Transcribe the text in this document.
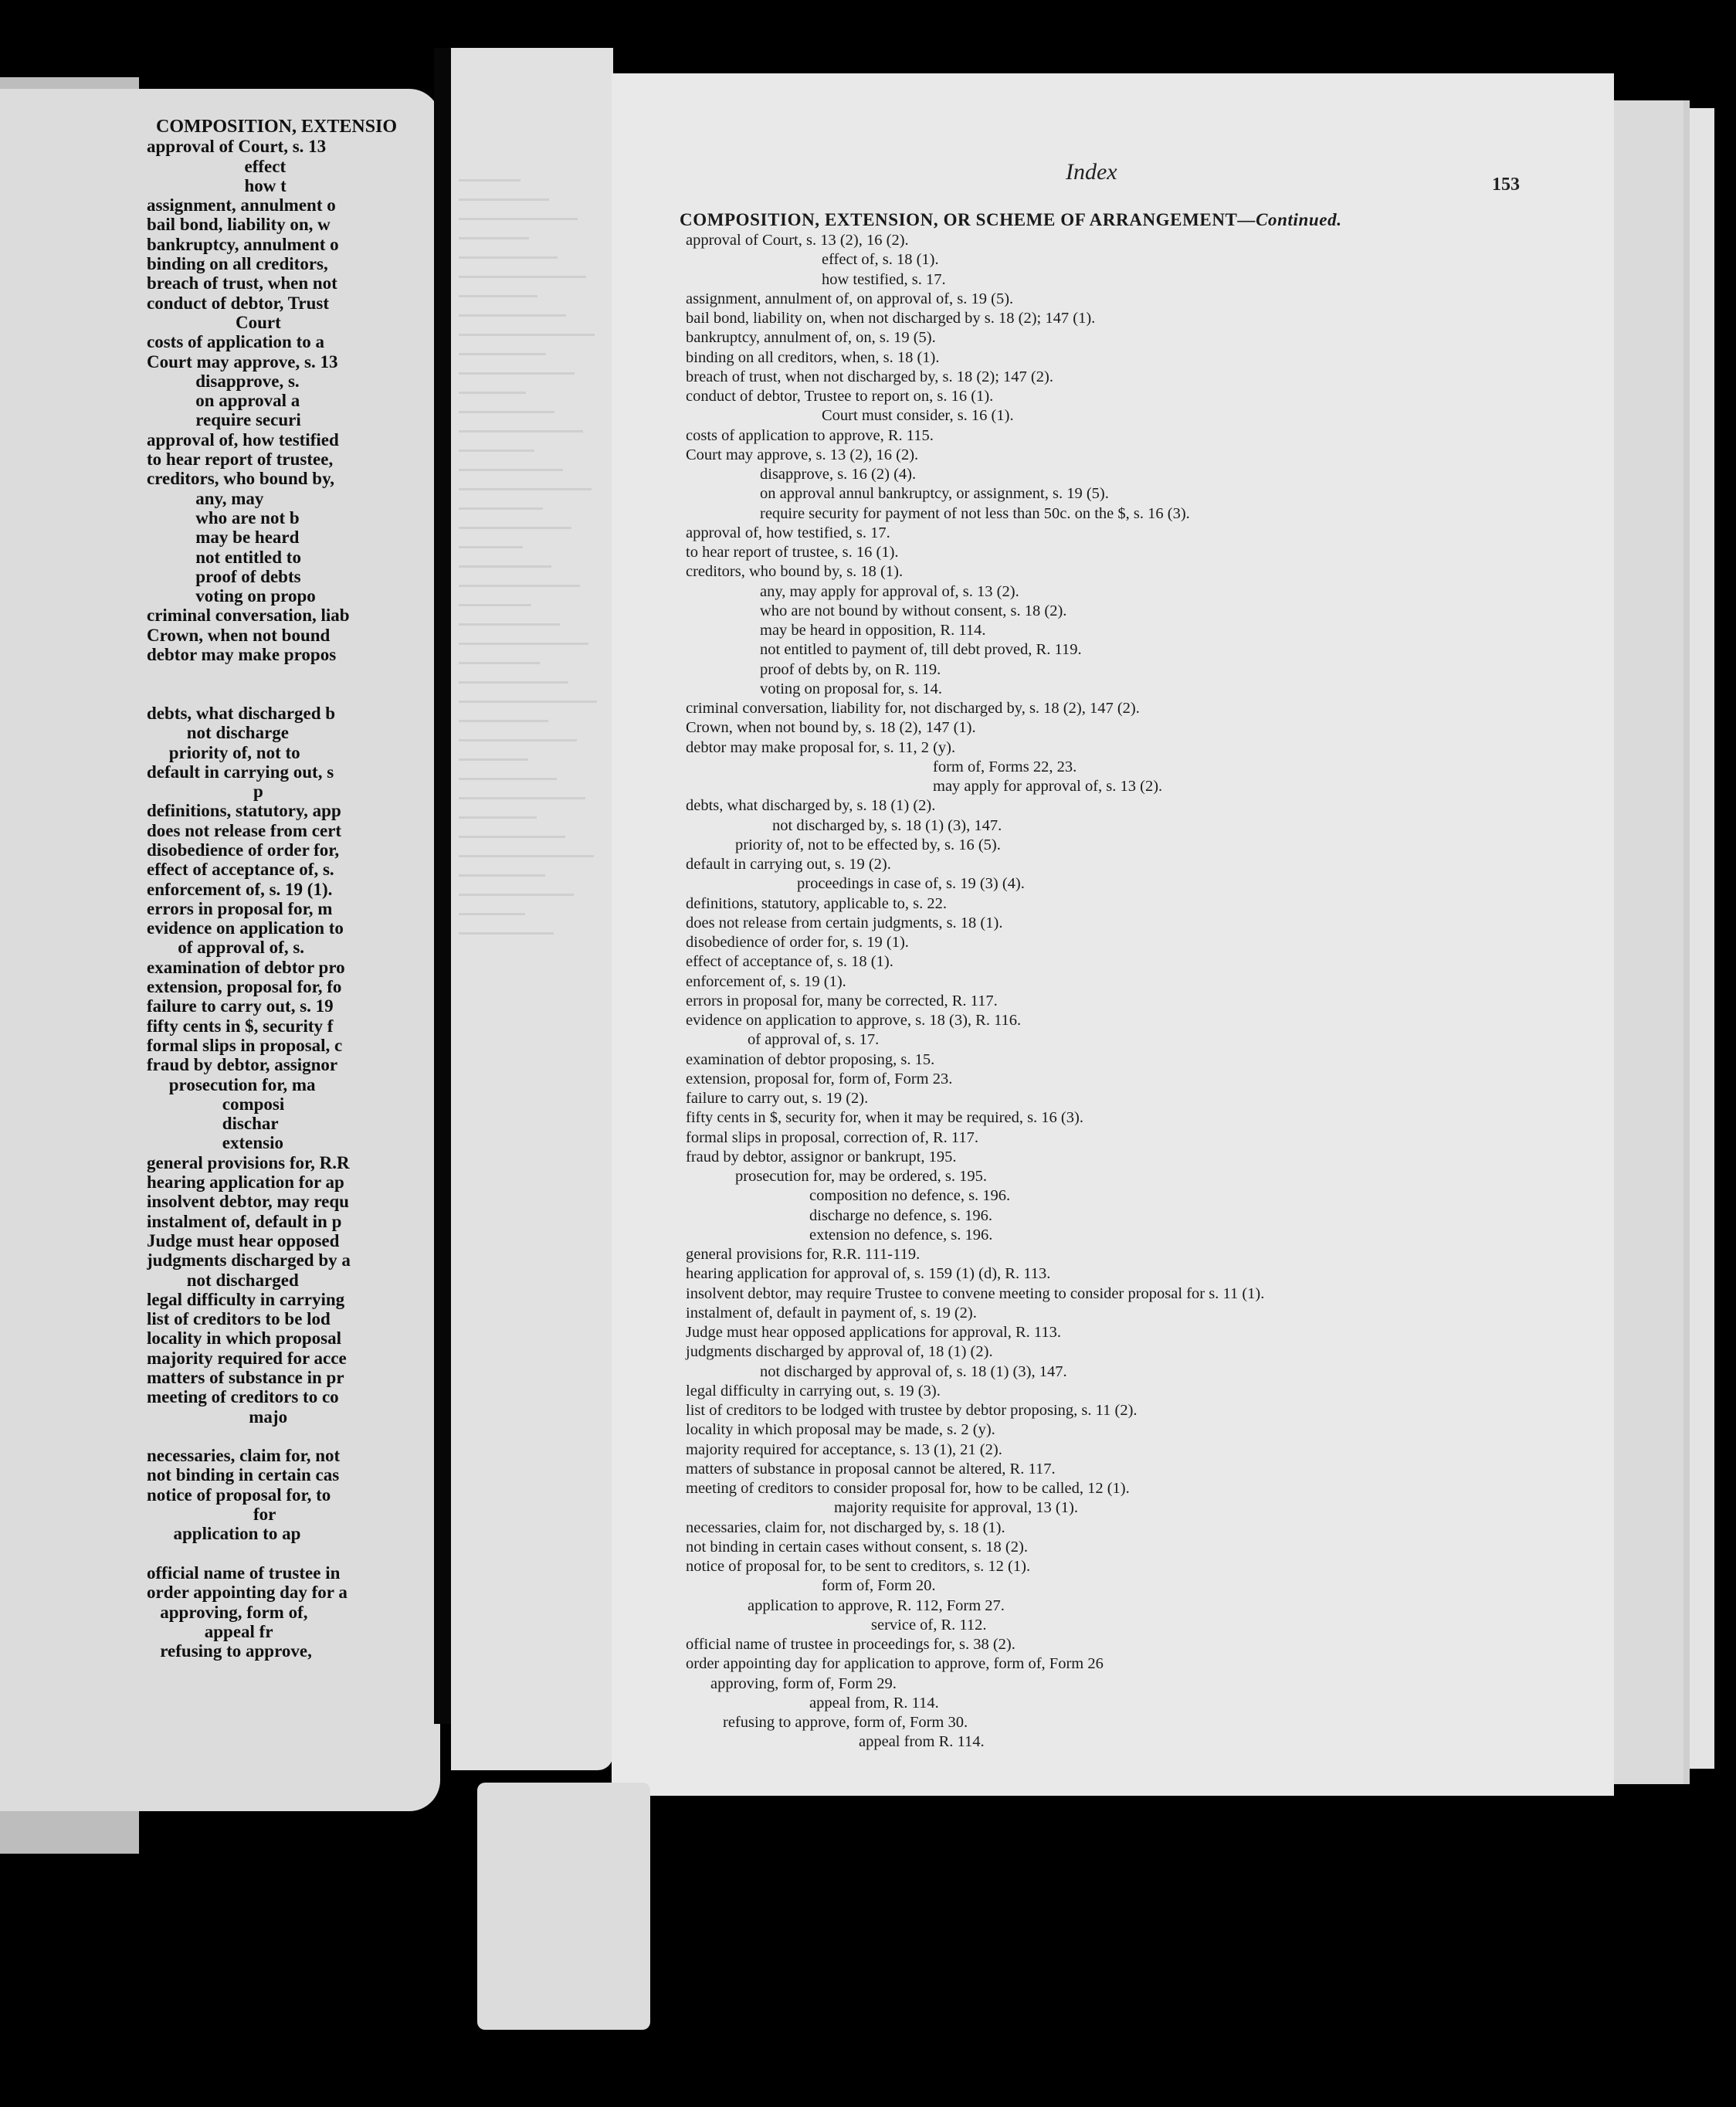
COMPOSITION, EXTENSIO
approval of Court, s. 13
effect
how t
assignment, annulment o
bail bond, liability on, w
bankruptcy, annulment o
binding on all creditors,
breach of trust, when not
conduct of debtor, Trust
Court
costs of application to a
Court may approve, s. 13
disapprove, s.
on approval a
require securi
approval of, how testified
to hear report of trustee,
creditors, who bound by,
any, may
who are not b
may be heard
not entitled to
proof of debts
voting on propo
criminal conversation, liab
Crown, when not bound
debtor may make propos
debts, what discharged b
not discharge
priority of, not to
default in carrying out, s
p
definitions, statutory, app
does not release from cert
disobedience of order for,
effect of acceptance of, s.
enforcement of, s. 19 (1).
errors in proposal for, m
evidence on application to
of approval of, s.
examination of debtor pro
extension, proposal for, fo
failure to carry out, s. 19
fifty cents in $, security f
formal slips in proposal, c
fraud by debtor, assignor
prosecution for, ma
composi
dischar
extensio
general provisions for, R.R
hearing application for ap
insolvent debtor, may requ
instalment of, default in p
Judge must hear opposed
judgments discharged by a
not discharged
legal difficulty in carrying
list of creditors to be lod
locality in which proposal
majority required for acce
matters of substance in pr
meeting of creditors to co
majo
necessaries, claim for, not
not binding in certain cas
notice of proposal for, to
for
application to ap
official name of trustee in
order appointing day for a
approving, form of,
appeal fr
refusing to approve,
Index	153
COMPOSITION, EXTENSION, OR SCHEME OF ARRANGEMENT—Continued.
approval of Court, s. 13 (2), 16 (2).
effect of, s. 18 (1).
how testified, s. 17.
assignment, annulment of, on approval of, s. 19 (5).
bail bond, liability on, when not discharged by s. 18 (2); 147 (1).
bankruptcy, annulment of, on, s. 19 (5).
binding on all creditors, when, s. 18 (1).
breach of trust, when not discharged by, s. 18 (2); 147 (2).
conduct of debtor, Trustee to report on, s. 16 (1).
Court must consider, s. 16 (1).
costs of application to approve, R. 115.
Court may approve, s. 13 (2), 16 (2).
disapprove, s. 16 (2) (4).
on approval annul bankruptcy, or assignment, s. 19 (5).
require security for payment of not less than 50c. on the $, s. 16 (3).
approval of, how testified, s. 17.
to hear report of trustee, s. 16 (1).
creditors, who bound by, s. 18 (1).
any, may apply for approval of, s. 13 (2).
who are not bound by without consent, s. 18 (2).
may be heard in opposition, R. 114.
not entitled to payment of, till debt proved, R. 119.
proof of debts by, on R. 119.
voting on proposal for, s. 14.
criminal conversation, liability for, not discharged by, s. 18 (2), 147 (2).
Crown, when not bound by, s. 18 (2), 147 (1).
debtor may make proposal for, s. 11, 2 (y).
form of, Forms 22, 23.
may apply for approval of, s. 13 (2).
debts, what discharged by, s. 18 (1) (2).
not discharged by, s. 18 (1) (3), 147.
priority of, not to be effected by, s. 16 (5).
default in carrying out, s. 19 (2).
proceedings in case of, s. 19 (3) (4).
definitions, statutory, applicable to, s. 22.
does not release from certain judgments, s. 18 (1).
disobedience of order for, s. 19 (1).
effect of acceptance of, s. 18 (1).
enforcement of, s. 19 (1).
errors in proposal for, many be corrected, R. 117.
evidence on application to approve, s. 18 (3), R. 116.
of approval of, s. 17.
examination of debtor proposing, s. 15.
extension, proposal for, form of, Form 23.
failure to carry out, s. 19 (2).
fifty cents in $, security for, when it may be required, s. 16 (3).
formal slips in proposal, correction of, R. 117.
fraud by debtor, assignor or bankrupt, 195.
prosecution for, may be ordered, s. 195.
composition no defence, s. 196.
discharge no defence, s. 196.
extension no defence, s. 196.
general provisions for, R.R. 111-119.
hearing application for approval of, s. 159 (1) (d), R. 113.
insolvent debtor, may require Trustee to convene meeting to consider proposal for s. 11 (1).
instalment of, default in payment of, s. 19 (2).
Judge must hear opposed applications for approval, R. 113.
judgments discharged by approval of, 18 (1) (2).
not discharged by approval of, s. 18 (1) (3), 147.
legal difficulty in carrying out, s. 19 (3).
list of creditors to be lodged with trustee by debtor proposing, s. 11 (2).
locality in which proposal may be made, s. 2 (y).
majority required for acceptance, s. 13 (1), 21 (2).
matters of substance in proposal cannot be altered, R. 117.
meeting of creditors to consider proposal for, how to be called, 12 (1).
majority requisite for approval, 13 (1).
necessaries, claim for, not discharged by, s. 18 (1).
not binding in certain cases without consent, s. 18 (2).
notice of proposal for, to be sent to creditors, s. 12 (1).
form of, Form 20.
application to approve, R. 112, Form 27.
service of, R. 112.
official name of trustee in proceedings for, s. 38 (2).
order appointing day for application to approve, form of, Form 26
approving, form of, Form 29.
appeal from, R. 114.
refusing to approve, form of, Form 30.
appeal from R. 114.
